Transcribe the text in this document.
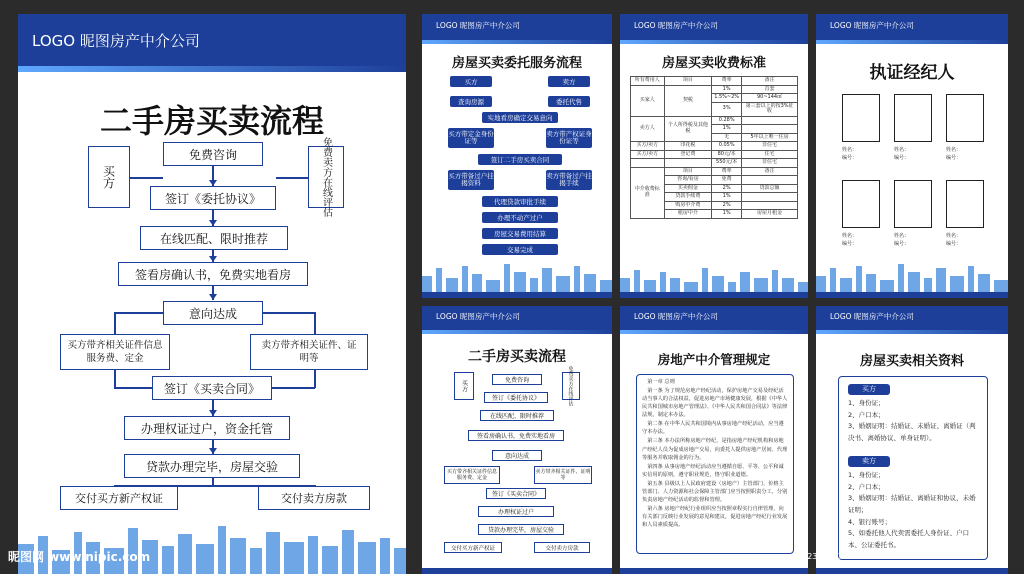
LOGO 昵图房产中介公司
二手房买卖流程
买方	免费卖方在线评估
免费咨询
签订《委托协议》
在线匹配、限时推荐
签看房确认书，免费实地看房
意向达成
买方带齐相关证件信息服务费、定金
卖方带齐相关证件、证明等
签订《买卖合同》
办理权证过户，资金托管
贷款办理完毕，房屋交验
交付买方新产权证	交付卖方房款
LOGO 昵图房产中介公司
房屋买卖委托服务流程
买方	卖方
查询房源	委托代售
实地看房确定交易意向
买方带定金身份证等
卖方带产权证身份证等
签订二手房买卖合同
买方带备过户挂揭资料
卖方带备过户挂揭手续
代理贷款审批手续
办理不动产过户
房屋交易费用结算
交易完成
LOGO 昵图房产中介公司
房屋买卖收费标准
所有费用人	项目	费率	备注
买家人	契税	1%	首套
		1.5%~2%	90~144㎡
		3%	第三套以上的按3%征收
卖方人	个人所得税及其他税	0.28%	
		1%	
		无	5年以上唯一住房
买方/卖方	印花税	0.05%	非住宅
买方/卖方	登记费	80元/本	住宅
		550元/本	非住宅
中介收费标准	项目	费率	备注
	咨询/看房	免费	
	买卖佣金	2%	贷款总额
	贷款手续费	1%	
	购房中介费	2%	
	租房中介	1%	房屋月租金
LOGO 昵图房产中介公司
执证经纪人
姓名：	姓名：	姓名：
编号：	编号：	编号：
姓名：	姓名：	姓名：
编号：	编号：	编号：
LOGO 昵图房产中介公司
二手房买卖流程
买方	免费卖方在线评估
免费咨询
签订《委托协议》
在线匹配、限时推荐
签看房确认书，免费实地看房
意向达成
买方带齐相关证件信息服务费、定金
卖方带齐相关证件、证明等
签订《买卖合同》
办理权证过户
贷款办理完毕，房屋交验
交付买方新产权证	交付卖方房款
LOGO 昵图房产中介公司
房地产中介管理规定

第一章 总则

第一条 为了规范房地产经纪活动，保护房地产交易及经纪活动当事人的合法权益，促进房地产市场健康发展，根据《中华人民共和国城市房地产管理法》、《中华人民共和国合同法》等法律法规，制定本办法。

第二条 在中华人民共和国境内从事房地产经纪活动，应当遵守本办法。

第三条 本办法所称房地产经纪，是指房地产经纪机构和房地产经纪人员为促成房地产交易，向委托人提供房地产居间、代理等服务并收取佣金的行为。

第四条 从事房地产经纪活动应当遵循自愿、平等、公平和诚实信用的原则，遵守职业规范，恪守职业道德。

第五条 县级以上人民政府建设（房地产）主管部门、价格主管部门、人力资源和社会保障主管部门应当按照职责分工，分别负责房地产经纪活动的监督和管理。

第六条 房地产经纪行业组织应当按照章程实行自律管理，向有关部门反映行业发展的意见和建议，促进房地产经纪行业发展和人员素质提高。

LOGO 昵图房产中介公司
房屋买卖相关资料
买方
1、身份证；
2、户口本；
3、婚姻证明：结婚证、未婚证、离婚证（判决书、离婚协议、单身证明）。
卖方
1、身份证；
2、户口本；
3、婚姻证明：结婚证、离婚证和协议、未婚证明；
4、银行账号；
5、如委托他人代卖需委托人身份证、户口本、公证委托书。
昵图网 www.nipic.com	ID:23452776 NO:20210125104218722088
